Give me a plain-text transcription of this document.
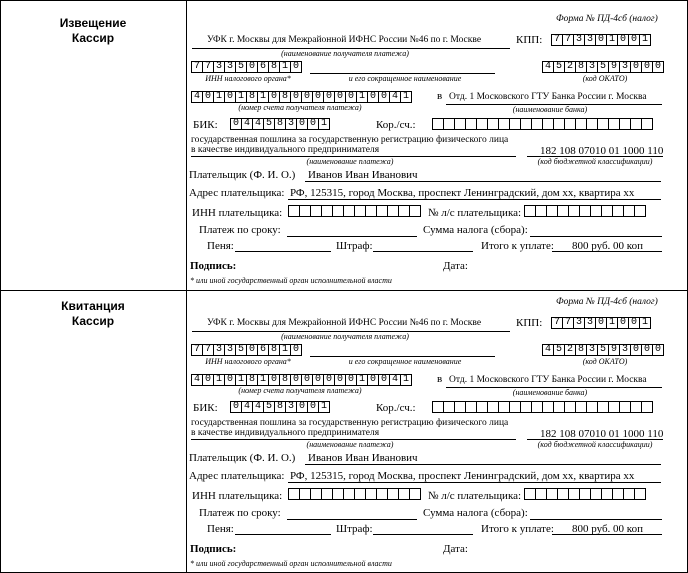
Извещение
Кассир
Форма № ПД-4сб (налог)
УФК г. Москвы для Межрайонной ИФНС России №46 по г. Москве
(наименование получателя платежа)
КПП: 7 7 3 3 0 1 0 0 1
7 7 3 3 5 0 6 8 1 0
ИНН налогового органа*	и его сокращенное наименование
4 5 2 8 3 5 9 3 0 0 0
(код ОКАТО)
4 0 1 0 1 8 1 0 8 0 0 0 0 0 0 1 0 0 4 1
(номер счета получателя платежа)
в Отд. 1 Московского ГТУ Банка России г. Москва
(наименование банка)
БИК: 0 4 4 5 8 3 0 0 1	Кор./сч.:
государственная пошлина за государственную регистрацию физического лица
в качестве индивидуального предпринимателя
(наименование платежа)
182 108 07010 01 1000 110
(код бюджетной классификации)
Плательщик (Ф. И. О.) Иванов Иван Иванович
Адрес плательщика: РФ, 125315, город Москва, проспект Ленинградский, дом хх, квартира хх
ИНН плательщика:	№ л/с плательщика:
Платеж по сроку:	Сумма налога (сбора):
Пеня:	Штраф:	Итого к уплате: 800 руб. 00 коп
Подпись:	Дата:
* или иной государственный орган исполнительной власти
Квитанция
Кассир
Форма № ПД-4сб (налог)
УФК г. Москвы для Межрайонной ИФНС России №46 по г. Москве
(наименование получателя платежа)
КПП: 7 7 3 3 0 1 0 0 1
7 7 3 3 5 0 6 8 1 0
ИНН налогового органа*	и его сокращенное наименование
4 5 2 8 3 5 9 3 0 0 0
(код ОКАТО)
4 0 1 0 1 8 1 0 8 0 0 0 0 0 0 1 0 0 4 1
(номер счета получателя платежа)
в Отд. 1 Московского ГТУ Банка России г. Москва
(наименование банка)
БИК: 0 4 4 5 8 3 0 0 1	Кор./сч.:
государственная пошлина за государственную регистрацию физического лица
в качестве индивидуального предпринимателя
(наименование платежа)
182 108 07010 01 1000 110
(код бюджетной классификации)
Плательщик (Ф. И. О.) Иванов Иван Иванович
Адрес плательщика: РФ, 125315, город Москва, проспект Ленинградский, дом хх, квартира хх
ИНН плательщика:	№ л/с плательщика:
Платеж по сроку:	Сумма налога (сбора):
Пеня:	Штраф:	Итого к уплате: 800 руб. 00 коп
Подпись:	Дата:
* или иной государственный орган исполнительной власти
